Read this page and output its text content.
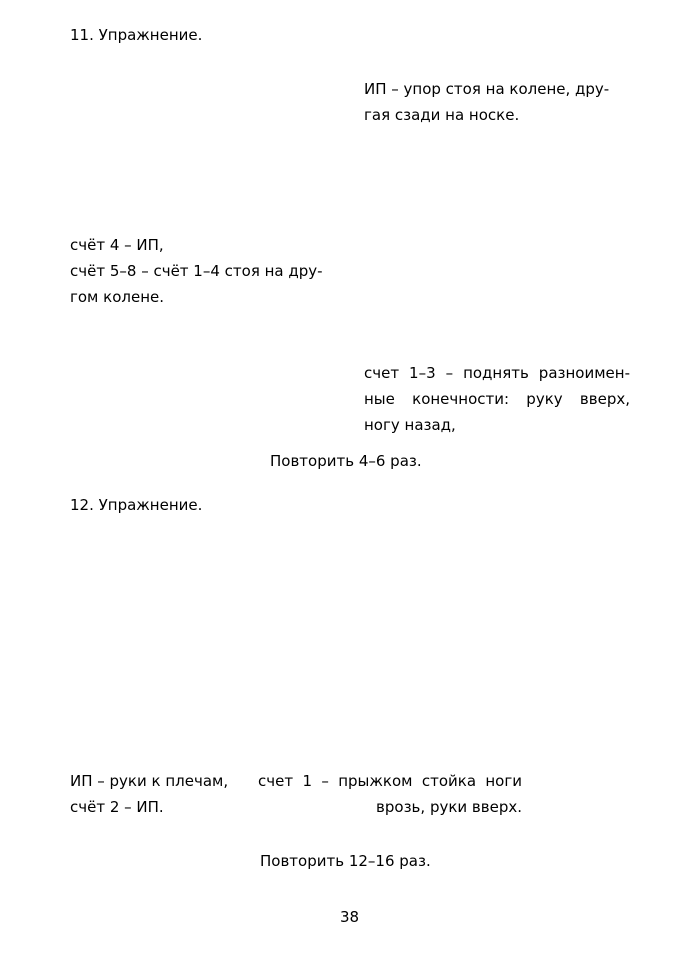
11. Упражнение.
ИП – упор стоя на колене, дру-
гая сзади на носке.
счёт 4 – ИП,
счёт 5–8 – счёт 1–4 стоя на дру-
гом колене.
счет 1–3 – поднять разноимен-
ные конечности: руку вверх,
ногу назад,
Повторить 4–6 раз.
12. Упражнение.
ИП – руки к плечам,
счёт 2 – ИП.
счет 1 – прыжком стойка ноги
врозь, руки вверх.
Повторить 12–16 раз.
38
